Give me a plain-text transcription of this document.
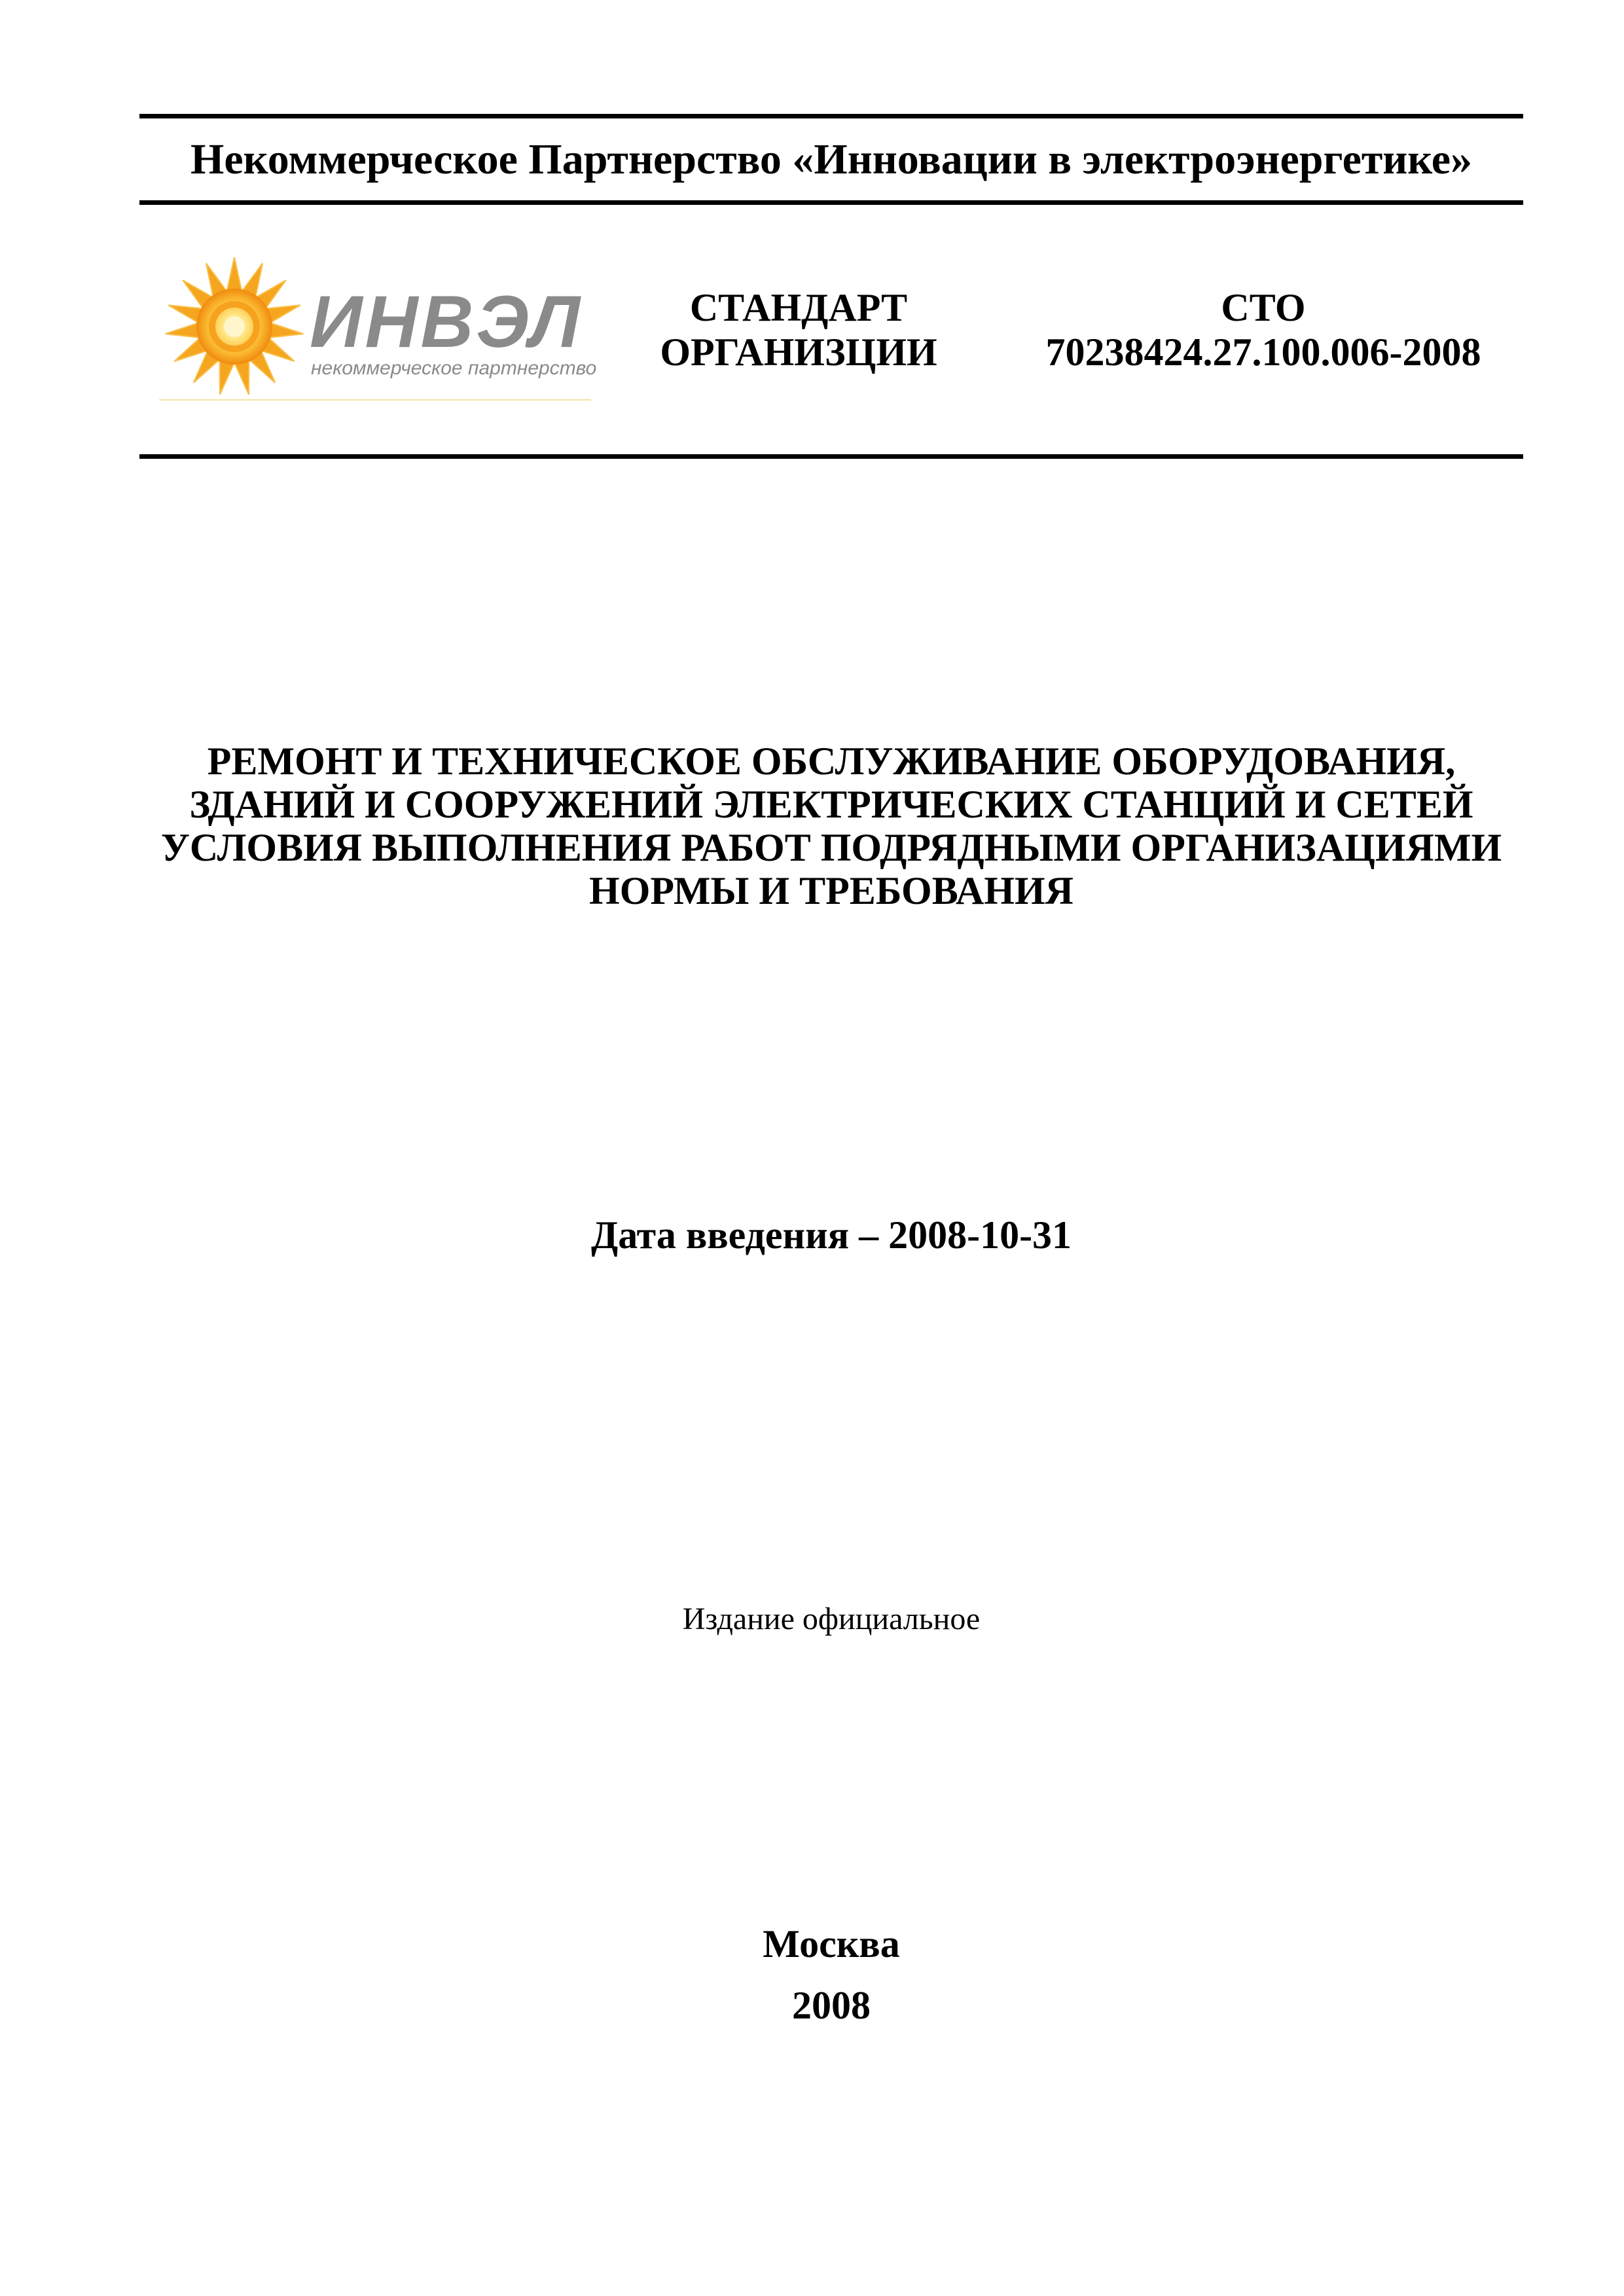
Некоммерческое Партнерство «Инновации в электроэнергетике»
ИНВЭЛ
некоммерческое партнерство
СТАНДАРТ
ОРГАНИЗЦИИ
СТО
70238424.27.100.006-2008
РЕМОНТ И ТЕХНИЧЕСКОЕ ОБСЛУЖИВАНИЕ ОБОРУДОВАНИЯ,
ЗДАНИЙ И СООРУЖЕНИЙ ЭЛЕКТРИЧЕСКИХ СТАНЦИЙ И СЕТЕЙ
УСЛОВИЯ ВЫПОЛНЕНИЯ РАБОТ ПОДРЯДНЫМИ ОРГАНИЗАЦИЯМИ
НОРМЫ И ТРЕБОВАНИЯ
Дата введения – 2008-10-31
Издание официальное
Москва
2008
